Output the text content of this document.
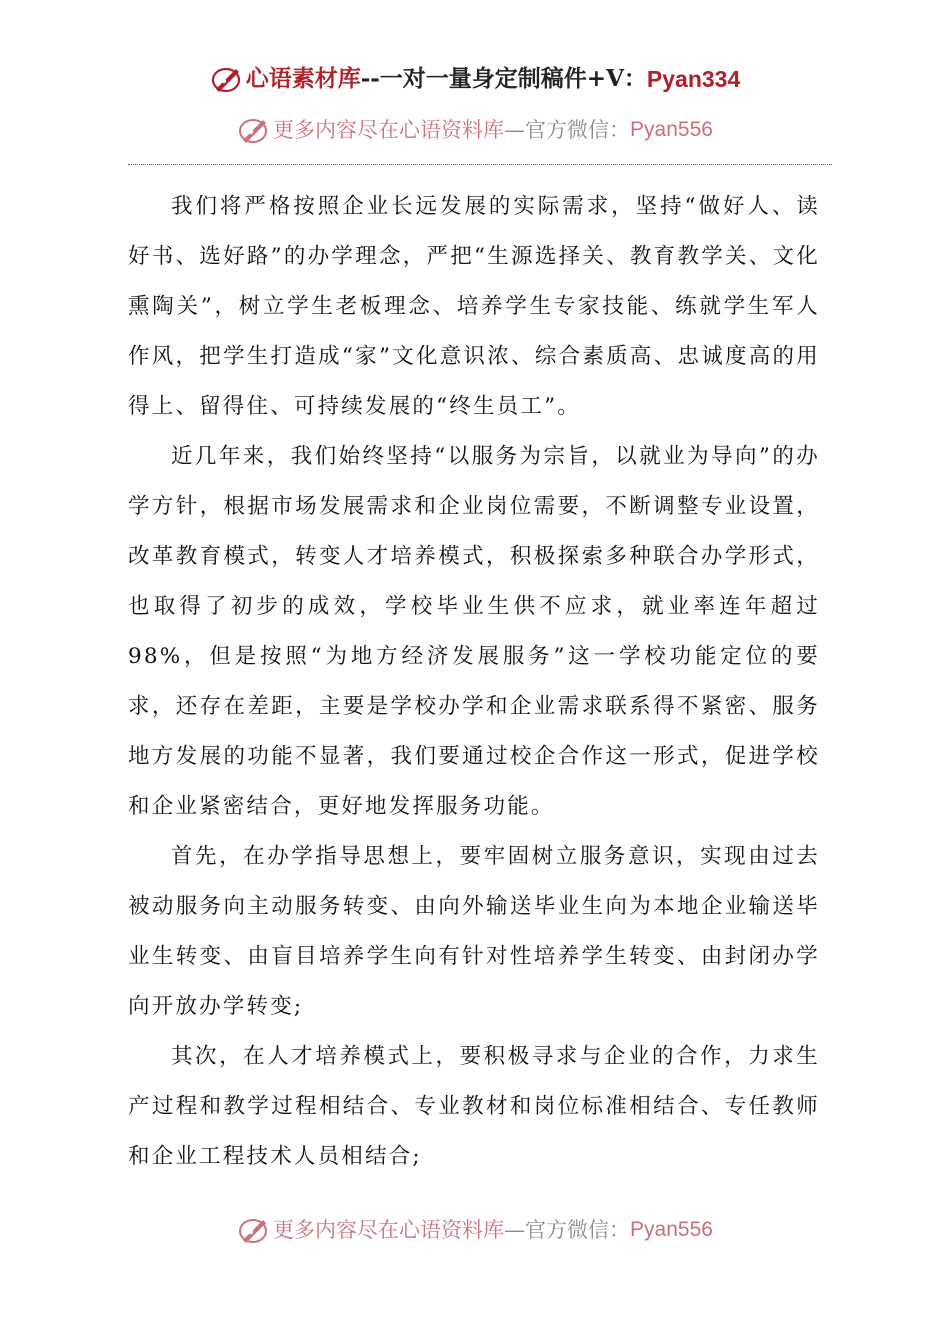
心语素材库 --一对一量身定制稿件+V： Pyan334
更多内容尽在心语资料库 —官方微信： Pyan556

我们将严格按照企业长远发展的实际需求，坚持“做好人、读好书、选好路”的办学理念，严把“生源选择关、教育教学关、文化熏陶关”，树立学生老板理念、培养学生专家技能、练就学生军人作风，把学生打造成“家”文化意识浓、综合素质高、忠诚度高的用得上、留得住、可持续发展的“终生员工”。

近几年来，我们始终坚持“以服务为宗旨，以就业为导向”的办学方针，根据市场发展需求和企业岗位需要，不断调整专业设置，改革教育模式，转变人才培养模式，积极探索多种联合办学形式，也取得了初步的成效，学校毕业生供不应求，就业率连年超过98%，但是按照“为地方经济发展服务”这一学校功能定位的要求，还存在差距，主要是学校办学和企业需求联系得不紧密、服务地方发展的功能不显著，我们要通过校企合作这一形式，促进学校和企业紧密结合，更好地发挥服务功能。

首先，在办学指导思想上，要牢固树立服务意识，实现由过去被动服务向主动服务转变、由向外输送毕业生向为本地企业输送毕业生转变、由盲目培养学生向有针对性培养学生转变、由封闭办学向开放办学转变;

其次，在人才培养模式上，要积极寻求与企业的合作，力求生产过程和教学过程相结合、专业教材和岗位标准相结合、专任教师和企业工程技术人员相结合;

更多内容尽在心语资料库 —官方微信： Pyan556
